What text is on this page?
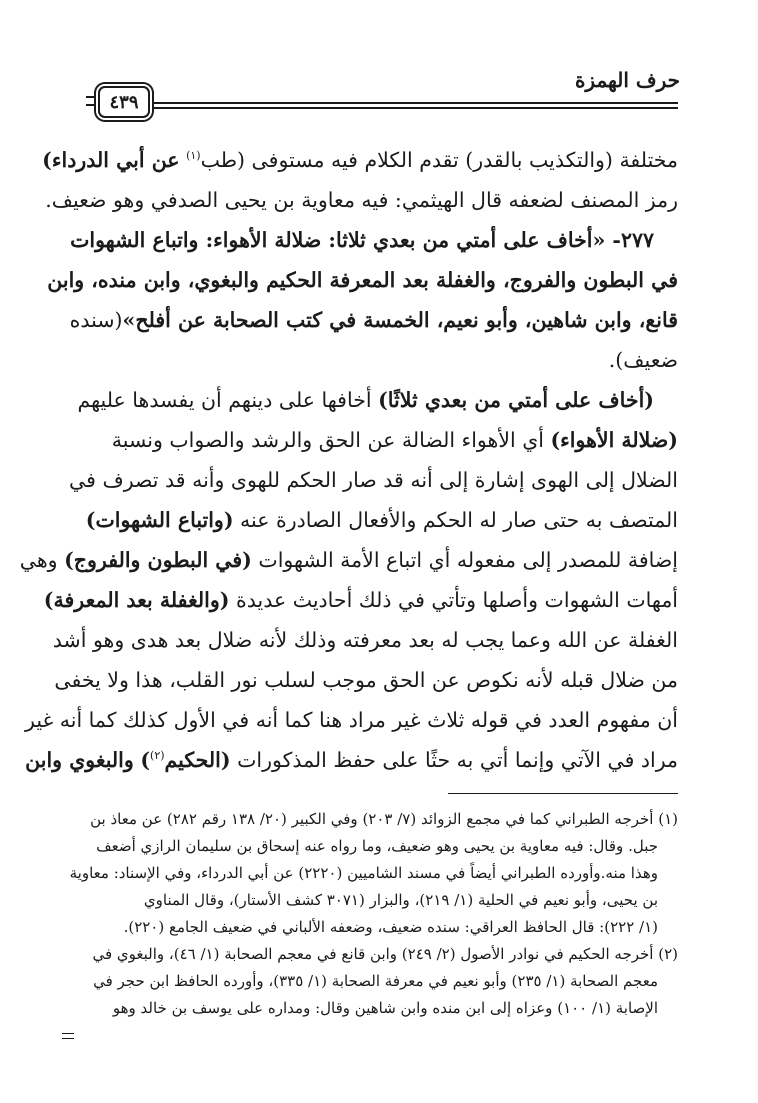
حرف الهمزة
٤٣٩
مختلفة (والتكذيب بالقدر) تقدم الكلام فيه مستوفى (طب$^{(١)}$ عن أبي الدرداء)
رمز المصنف لضعفه قال الهيثمي: فيه معاوية بن يحيى الصدفي وهو ضعيف.
٢٧٧- «أخاف على أمتي من بعدي ثلاثا: ضلالة الأهواء: واتباع الشهوات
في البطون والفروج، والغفلة بعد المعرفة الحكيم والبغوي، وابن منده، وابن
قانع، وابن شاهين، وأبو نعيم، الخمسة في كتب الصحابة عن أفلح»(سنده
ضعيف).
(أخاف على أمتي من بعدي ثلاثًا) أخافها على دينهم أن يفسدها عليهم
(ضلالة الأهواء) أي الأهواء الضالة عن الحق والرشد والصواب ونسبة
الضلال إلى الهوى إشارة إلى أنه قد صار الحكم للهوى وأنه قد تصرف في
المتصف به حتى صار له الحكم والأفعال الصادرة عنه (واتباع الشهوات)
إضافة للمصدر إلى مفعوله أي اتباع الأمة الشهوات (في البطون والفروج) وهي
أمهات الشهوات وأصلها وتأتي في ذلك أحاديث عديدة (والغفلة بعد المعرفة)
الغفلة عن الله وعما يجب له بعد معرفته وذلك لأنه ضلال بعد هدى وهو أشد
من ضلال قبله لأنه نكوص عن الحق موجب لسلب نور القلب، هذا ولا يخفى
أن مفهوم العدد في قوله ثلاث غير مراد هنا كما أنه في الأول كذلك كما أنه غير
مراد في الآتي وإنما أتي به حثًا على حفظ المذكورات (الحكيم$^{(٢)}$) والبغوي وابن
(١) أخرجه الطبراني كما في مجمع الزوائد (٧/ ٢٠٣) وفي الكبير (٢٠/ ١٣٨ رقم ٢٨٢) عن معاذ بن
جبل. وقال: فيه معاوية بن يحيى وهو ضعيف، وما رواه عنه إسحاق بن سليمان الرازي أضعف
وهذا منه.وأورده الطبراني أيضاً في مسند الشاميين (٢٢٢٠) عن أبي الدرداء، وفي الإسناد: معاوية
بن يحيى، وأبو نعيم في الحلية (١/ ٢١٩)، والبزار (٣٠٧١ كشف الأستار)، وقال المناوي
(١/ ٢٢٢): قال الحافظ العراقي: سنده ضعيف، وضعفه الألباني في ضعيف الجامع (٢٢٠).
(٢) أخرجه الحكيم في نوادر الأصول (٢/ ٢٤٩) وابن قانع في معجم الصحابة (١/ ٤٦)، والبغوي في
معجم الصحابة (١/ ٢٣٥) وأبو نعيم في معرفة الصحابة (١/ ٣٣٥)، وأورده الحافظ ابن حجر في
الإصابة (١/ ١٠٠) وعزاه إلى ابن منده وابن شاهين وقال: ومداره على يوسف بن خالد وهو
